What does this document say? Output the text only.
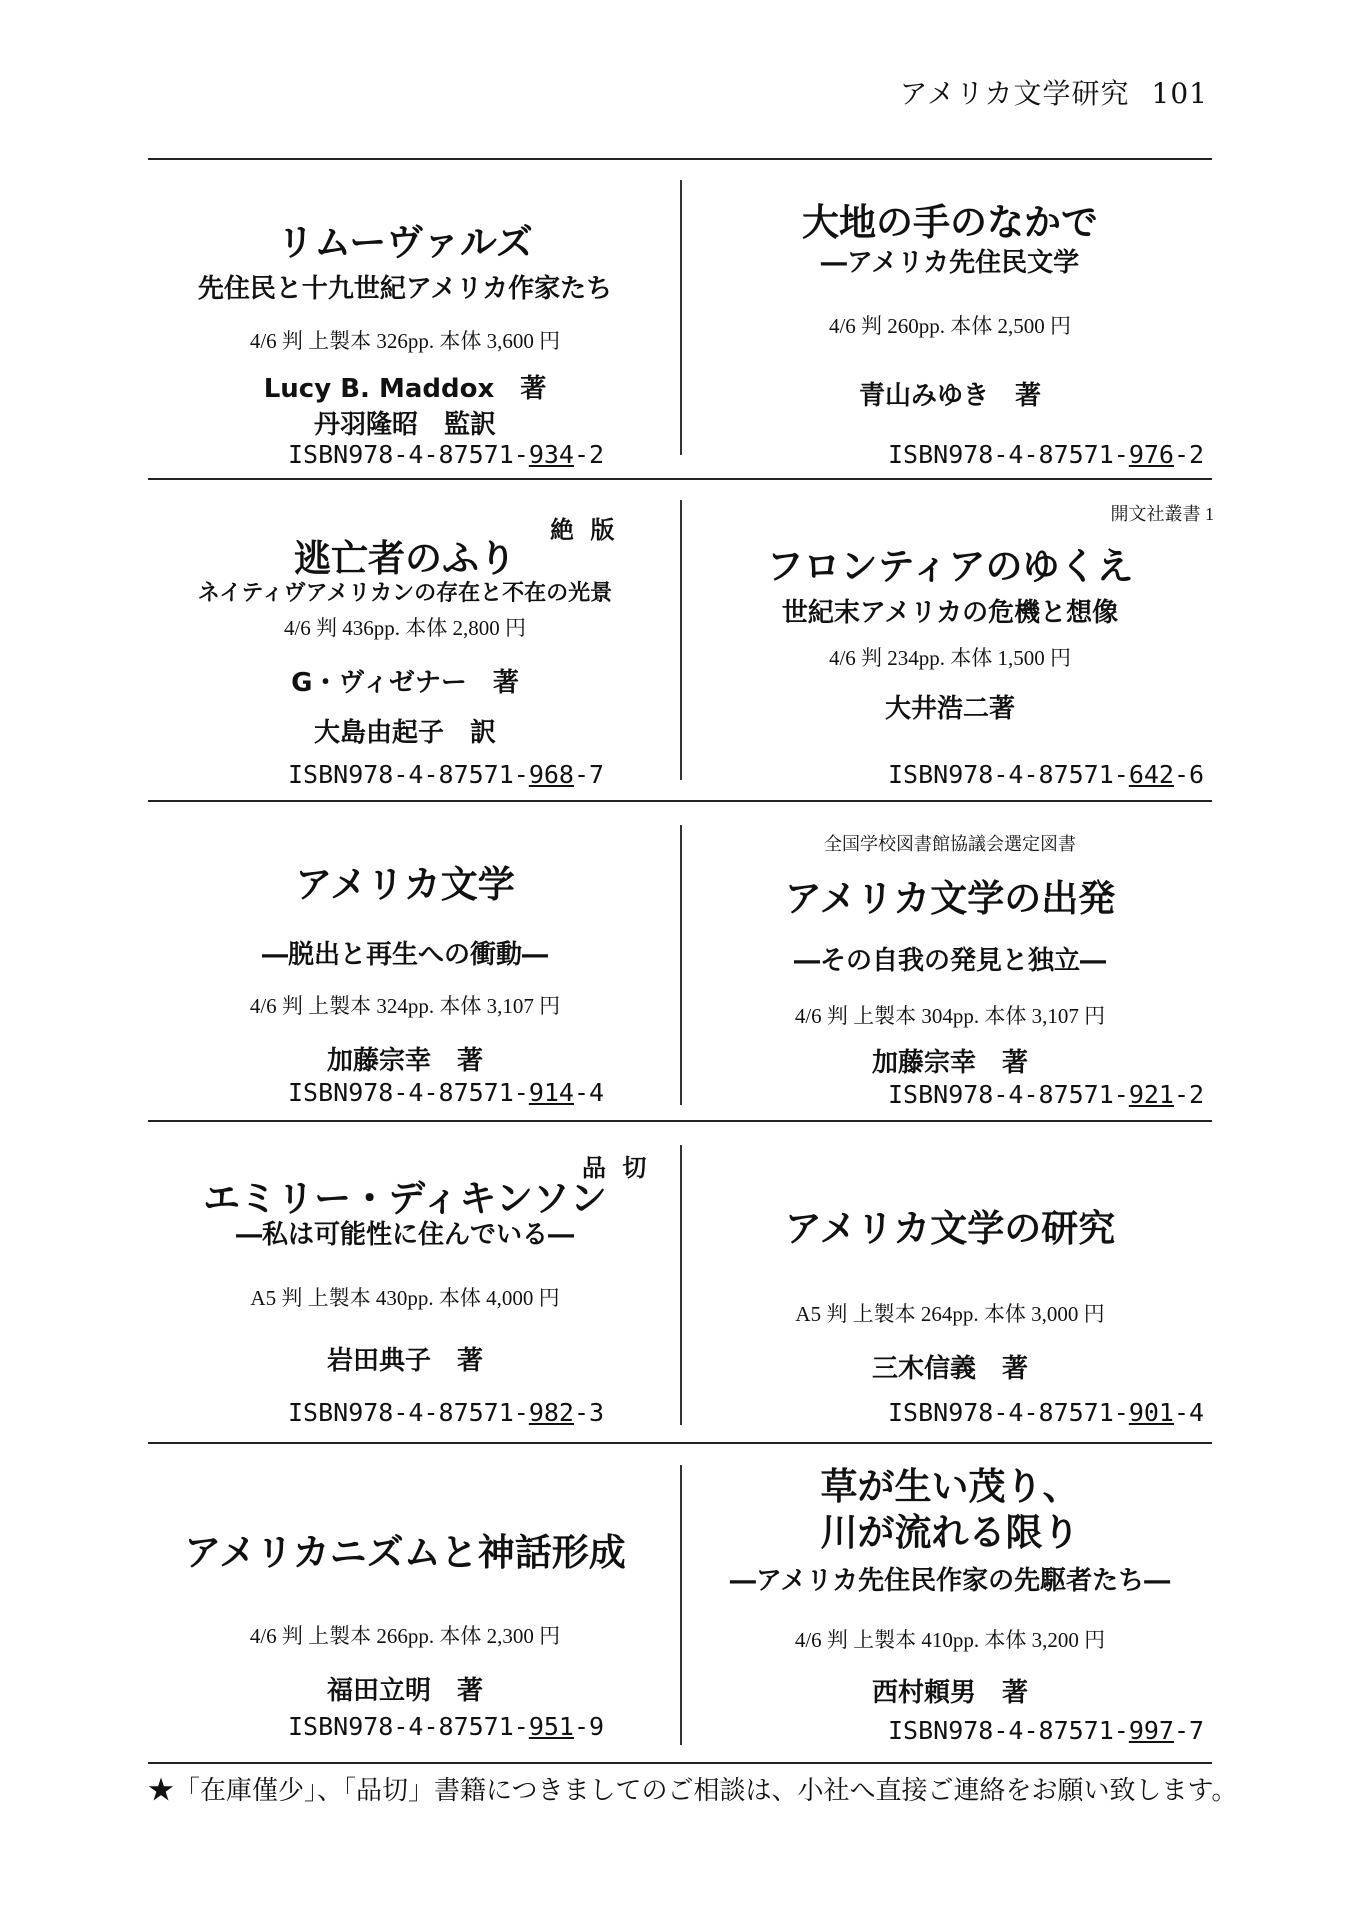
アメリカ文学研究 101
リムーヴァルズ
先住民と十九世紀アメリカ作家たち
4/6 判 上製本 326pp. 本体 3,600 円
Lucy B. Maddox　著
丹羽隆昭　監訳
ISBN978-4-87571-934-2
大地の手のなかで
―アメリカ先住民文学
4/6 判 260pp. 本体 2,500 円
青山みゆき　著
ISBN978-4-87571-976-2
絶 版
逃亡者のふり
ネイティヴアメリカンの存在と不在の光景
4/6 判 436pp. 本体 2,800 円
G・ヴィゼナー　著
大島由起子　訳
ISBN978-4-87571-968-7
開文社叢書 1
フロンティアのゆくえ
世紀末アメリカの危機と想像
4/6 判 234pp. 本体 1,500 円
大井浩二著
ISBN978-4-87571-642-6
アメリカ文学
―脱出と再生への衝動―
4/6 判 上製本 324pp. 本体 3,107 円
加藤宗幸　著
ISBN978-4-87571-914-4
全国学校図書館協議会選定図書
アメリカ文学の出発
―その自我の発見と独立―
4/6 判 上製本 304pp. 本体 3,107 円
加藤宗幸　著
ISBN978-4-87571-921-2
品 切
エミリー・ディキンソン
―私は可能性に住んでいる―
A5 判 上製本 430pp. 本体 4,000 円
岩田典子　著
ISBN978-4-87571-982-3
アメリカ文学の研究
A5 判 上製本 264pp. 本体 3,000 円
三木信義　著
ISBN978-4-87571-901-4
アメリカニズムと神話形成
4/6 判 上製本 266pp. 本体 2,300 円
福田立明　著
ISBN978-4-87571-951-9
草が生い茂り、
川が流れる限り
―アメリカ先住民作家の先駆者たち―
4/6 判 上製本 410pp. 本体 3,200 円
西村頼男　著
ISBN978-4-87571-997-7
★「在庫僅少」、「品切」書籍につきましてのご相談は、小社へ直接ご連絡をお願い致します。
